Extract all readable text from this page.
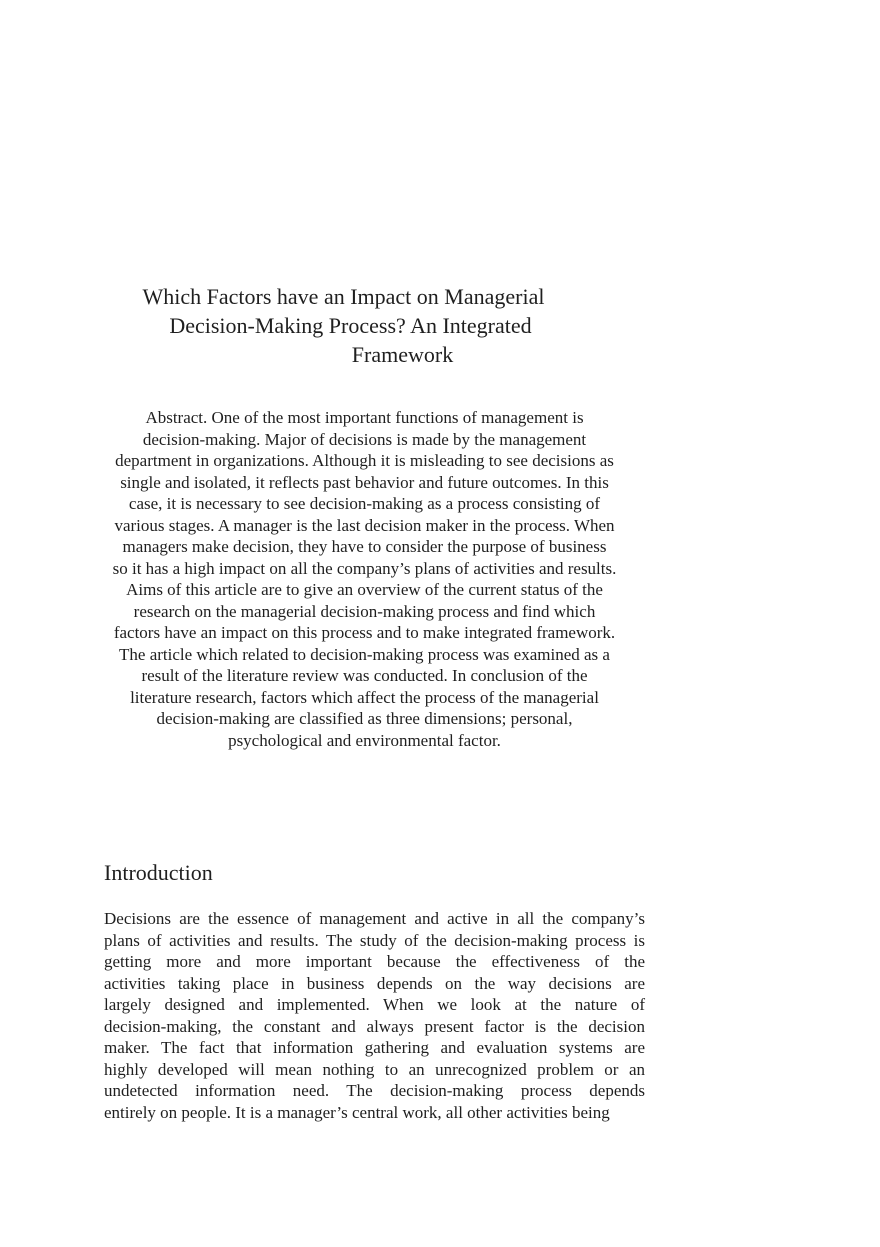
Which Factors have an Impact on Managerial
Decision-Making Process? An Integrated
Framework
Abstract. One of the most important functions of management is
decision-making. Major of decisions is made by the management
department in organizations. Although it is misleading to see decisions as
single and isolated, it reflects past behavior and future outcomes. In this
case, it is necessary to see decision-making as a process consisting of
various stages. A manager is the last decision maker in the process. When
managers make decision, they have to consider the purpose of business
so it has a high impact on all the company’s plans of activities and results.
Aims of this article are to give an overview of the current status of the
research on the managerial decision-making process and find which
factors have an impact on this process and to make integrated framework.
The article which related to decision-making process was examined as a
result of the literature review was conducted. In conclusion of the
literature research, factors which affect the process of the managerial
decision-making are classified as three dimensions; personal,
psychological and environmental factor.
Introduction
Decisions are the essence of management and active in all the company’s
plans of activities and results. The study of the decision-making process is
getting more and more important because the effectiveness of the
activities taking place in business depends on the way decisions are
largely designed and implemented. When we look at the nature of
decision-making, the constant and always present factor is the decision
maker. The fact that information gathering and evaluation systems are
highly developed will mean nothing to an unrecognized problem or an
undetected information need. The decision-making process depends
entirely on people. It is a manager’s central work, all other activities being
